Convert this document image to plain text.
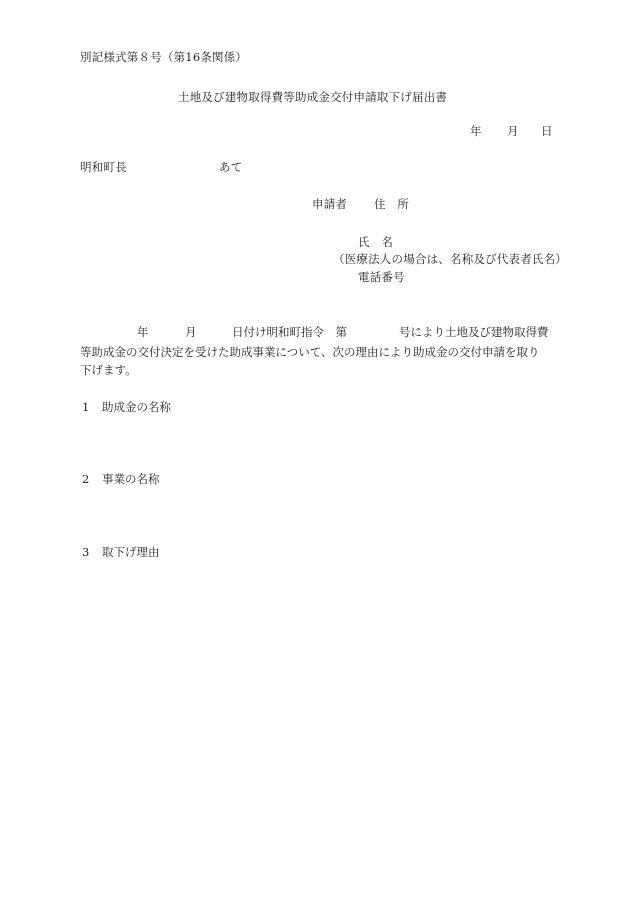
別記様式第８号（第16条関係）
土地及び建物取得費等助成金交付申請取下げ届出書
年 月 日
明和町長	あて
申請者 住　所
氏　名
（医療法人の場合は、名称及び代表者氏名）
電話番号
年	月	日付け明和町指令　第	号により土地及び建物取得費
等助成金の交付決定を受けた助成事業について、次の理由により助成金の交付申請を取り
下げます。
1 助成金の名称
2 事業の名称
3 取下げ理由
